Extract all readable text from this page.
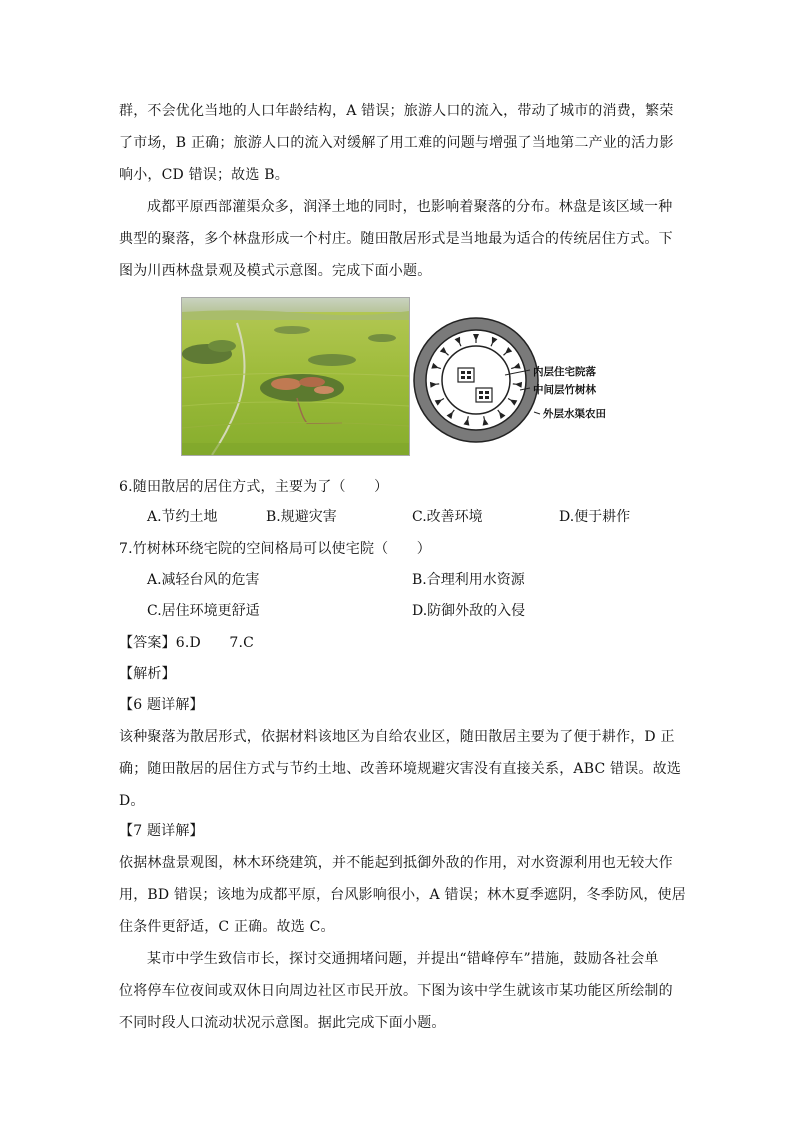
群，不会优化当地的人口年龄结构，A 错误；旅游人口的流入，带动了城市的消费，繁荣
了市场，B 正确；旅游人口的流入对缓解了用工难的问题与增强了当地第二产业的活力影
响小，CD 错误；故选 B。
成都平原西部灌渠众多，润泽土地的同时，也影响着聚落的分布。林盘是该区域一种
典型的聚落，多个林盘形成一个村庄。随田散居形式是当地最为适合的传统居住方式。下
图为川西林盘景观及模式示意图。完成下面小题。
内层住宅院落
中间层竹树林
外层水渠农田
6.随田散居的居住方式，主要为了（　　）
A.节约土地	B.规避灾害	C.改善环境	D.便于耕作
7.竹树林环绕宅院的空间格局可以使宅院（　　）
A.减轻台风的危害	B.合理利用水资源
C.居住环境更舒适	D.防御外敌的入侵
【答案】6.D　　7.C
【解析】
【6 题详解】
该种聚落为散居形式，依据材料该地区为自给农业区，随田散居主要为了便于耕作，D 正
确；随田散居的居住方式与节约土地、改善环境规避灾害没有直接关系，ABC 错误。故选
D。
【7 题详解】
依据林盘景观图，林木环绕建筑，并不能起到抵御外敌的作用，对水资源利用也无较大作
用，BD 错误；该地为成都平原，台风影响很小，A 错误；林木夏季遮阴，冬季防风，使居
住条件更舒适，C 正确。故选 C。
某市中学生致信市长，探讨交通拥堵问题，并提出“错峰停车”措施，鼓励各社会单
位将停车位夜间或双休日向周边社区市民开放。下图为该中学生就该市某功能区所绘制的
不同时段人口流动状况示意图。据此完成下面小题。
